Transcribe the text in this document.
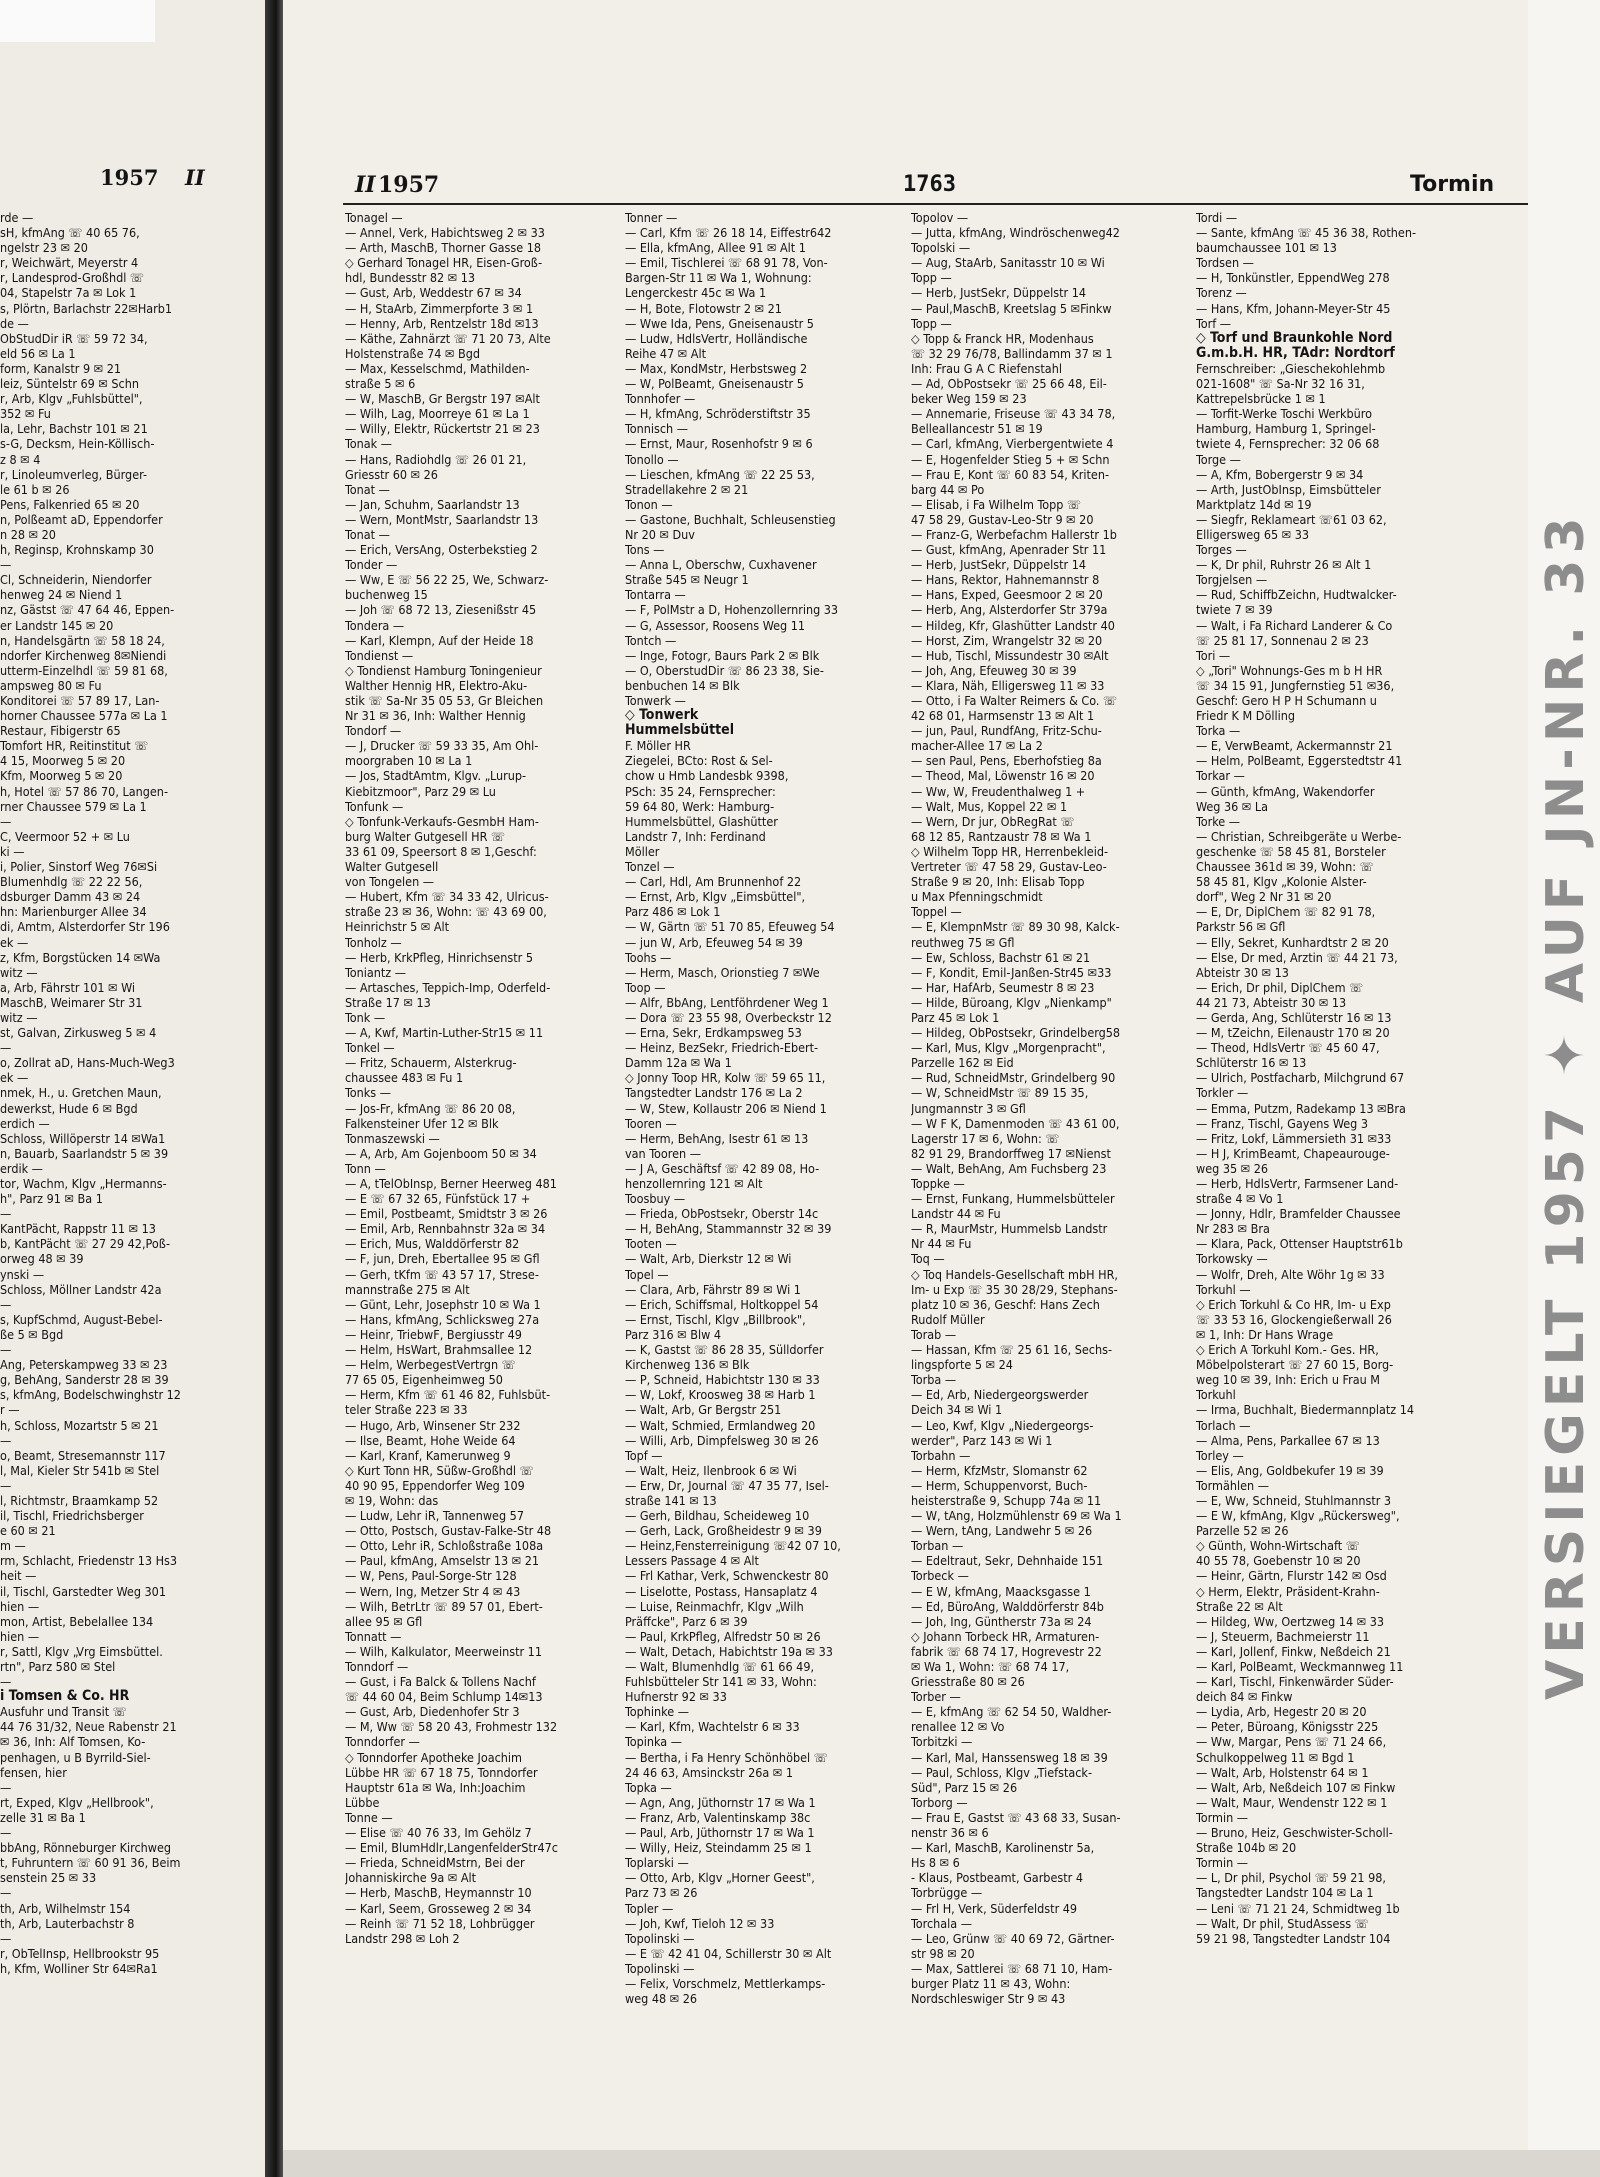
1957 II
rde —
sH, kfmAng ☏ 40 65 76,
ngelstr 23 ✉ 20
r, Weichwärt, Meyerstr 4
r, Landesprod-Großhdl ☏
04, Stapelstr 7a ✉ Lok 1
s, Plörtn, Barlachstr 22✉Harb1
de —
ObStudDir iR ☏ 59 72 34,
eld 56 ✉ La 1
form, Kanalstr 9 ✉ 21
leiz, Süntelstr 69 ✉ Schn
r, Arb, Klgv „Fuhlsbüttel",
352 ✉ Fu
la, Lehr, Bachstr 101 ✉ 21
s-G, Decksm, Hein-Köllisch-
z 8 ✉ 4
r, Linoleumverleg, Bürger-
le 61 b ✉ 26
Pens, Falkenried 65 ✉ 20
n, Polßeamt aD, Eppendorfer
n 28 ✉ 20
h, Reginsp, Krohnskamp 30
—
Cl, Schneiderin, Niendorfer
henweg 24 ✉ Niend 1
nz, Gästst ☏ 47 64 46, Eppen-
er Landstr 145 ✉ 20
n, Handelsgärtn ☏ 58 18 24,
ndorfer Kirchenweg 8✉Niendi
utterm-Einzelhdl ☏ 59 81 68,
ampsweg 80 ✉ Fu
Konditorei ☏ 57 89 17, Lan-
horner Chaussee 577a ✉ La 1
Restaur, Fibigerstr 65
Tomfort HR, Reitinstitut ☏
4 15, Moorweg 5 ✉ 20
Kfm, Moorweg 5 ✉ 20
h, Hotel ☏ 57 86 70, Langen-
rner Chaussee 579 ✉ La 1
—
C, Veermoor 52 + ✉ Lu
ki —
i, Polier, Sinstorf Weg 76✉Si
Blumenhdlg ☏ 22 22 56,
dsburger Damm 43 ✉ 24
hn: Marienburger Allee 34
di, Amtm, Alsterdorfer Str 196
ek —
z, Kfm, Borgstücken 14 ✉Wa
witz —
a, Arb, Fährstr 101 ✉ Wi
MaschB, Weimarer Str 31
witz —
st, Galvan, Zirkusweg 5 ✉ 4
—
o, Zollrat aD, Hans-Much-Weg3
ek —
nmek, H., u. Gretchen Maun,
dewerkst, Hude 6 ✉ Bgd
erdich —
Schloss, Willöperstr 14 ✉Wa1
n, Bauarb, Saarlandstr 5 ✉ 39
erdik —
tor, Wachm, Klgv „Hermanns-
h", Parz 91 ✉ Ba 1
—
KantPächt, Rappstr 11 ✉ 13
b, KantPächt ☏ 27 29 42,Poß-
orweg 48 ✉ 39
ynski —
Schloss, Möllner Landstr 42a
—
s, KupfSchmd, August-Bebel-
ße 5 ✉ Bgd
—
Ang, Peterskampweg 33 ✉ 23
g, BehAng, Sanderstr 28 ✉ 39
s, kfmAng, Bodelschwinghstr 12
r —
h, Schloss, Mozartstr 5 ✉ 21
—
o, Beamt, Stresemannstr 117
l, Mal, Kieler Str 541b ✉ Stel
—
l, Richtmstr, Braamkamp 52
il, Tischl, Friedrichsberger
e 60 ✉ 21
m —
rm, Schlacht, Friedenstr 13 Hs3
heit —
il, Tischl, Garstedter Weg 301
hien —
mon, Artist, Bebelallee 134
hien —
r, Sattl, Klgv „Vrg Eimsbüttel.
rtn", Parz 580 ✉ Stel
—
i Tomsen & Co. HR
Ausfuhr und Transit ☏
44 76 31/32, Neue Rabenstr 21
✉ 36, Inh: Alf Tomsen, Ko-
penhagen, u B Byrrild-Siel-
fensen, hier
—
rt, Exped, Klgv „Hellbrook",
zelle 31 ✉ Ba 1
—
bbAng, Rönneburger Kirchweg
t, Fuhruntern ☏ 60 91 36, Beim
senstein 25 ✉ 33
—
th, Arb, Wilhelmstr 154
th, Arb, Lauterbachstr 8
—
r, ObTelInsp, Hellbrookstr 95
h, Kfm, Wolliner Str 64✉Ra1
II 1957	1763	Tormin
Tonagel —
— Annel, Verk, Habichtsweg 2 ✉ 33
— Arth, MaschB, Thorner Gasse 18
◇ Gerhard Tonagel HR, Eisen-Groß-
hdl, Bundesstr 82 ✉ 13
— Gust, Arb, Weddestr 67 ✉ 34
— H, StaArb, Zimmerpforte 3 ✉ 1
— Henny, Arb, Rentzelstr 18d ✉13
— Käthe, Zahnärzt ☏ 71 20 73, Alte
Holstenstraße 74 ✉ Bgd
— Max, Kesselschmd, Mathilden-
straße 5 ✉ 6
— W, MaschB, Gr Bergstr 197 ✉Alt
— Wilh, Lag, Moorreye 61 ✉ La 1
— Willy, Elektr, Rückertstr 21 ✉ 23
Tonak —
— Hans, Radiohdlg ☏ 26 01 21,
Griesstr 60 ✉ 26
Tonat —
— Jan, Schuhm, Saarlandstr 13
— Wern, MontMstr, Saarlandstr 13
Tonat —
— Erich, VersAng, Osterbekstieg 2
Tonder —
— Ww, E ☏ 56 22 25, We, Schwarz-
buchenweg 15
— Joh ☏ 68 72 13, Ziesenißstr 45
Tondera —
— Karl, Klempn, Auf der Heide 18
Tondienst —
◇ Tondienst Hamburg Toningenieur
Walther Hennig HR, Elektro-Aku-
stik ☏ Sa-Nr 35 05 53, Gr Bleichen
Nr 31 ✉ 36, Inh: Walther Hennig
Tondorf —
— J, Drucker ☏ 59 33 35, Am Ohl-
moorgraben 10 ✉ La 1
— Jos, StadtAmtm, Klgv. „Lurup-
Kiebitzmoor", Parz 29 ✉ Lu
Tonfunk —
◇ Tonfunk-Verkaufs-GesmbH Ham-
burg Walter Gutgesell HR ☏
33 61 09, Speersort 8 ✉ 1,Geschf:
Walter Gutgesell
von Tongelen —
— Hubert, Kfm ☏ 34 33 42, Ulricus-
straße 23 ✉ 36, Wohn: ☏ 43 69 00,
Heinrichstr 5 ✉ Alt
Tonholz —
— Herb, KrkPfleg, Hinrichsenstr 5
Toniantz —
— Artasches, Teppich-Imp, Oderfeld-
Straße 17 ✉ 13
Tonk —
— A, Kwf, Martin-Luther-Str15 ✉ 11
Tonkel —
— Fritz, Schauerm, Alsterkrug-
chaussee 483 ✉ Fu 1
Tonks —
— Jos-Fr, kfmAng ☏ 86 20 08,
Falkensteiner Ufer 12 ✉ Blk
Tonmaszewski —
— A, Arb, Am Gojenboom 50 ✉ 34
Tonn —
— A, tTelObInsp, Berner Heerweg 481
— E ☏ 67 32 65, Fünfstück 17 +
— Emil, Postbeamt, Smidtstr 3 ✉ 26
— Emil, Arb, Rennbahnstr 32a ✉ 34
— Erich, Mus, Walddörferstr 82
— F, jun, Dreh, Ebertallee 95 ✉ Gfl
— Gerh, tKfm ☏ 43 57 17, Strese-
mannstraße 275 ✉ Alt
— Günt, Lehr, Josephstr 10 ✉ Wa 1
— Hans, kfmAng, Schlicksweg 27a
— Heinr, TriebwF, Bergiusstr 49
— Helm, HsWart, Brahmsallee 12
— Helm, WerbegestVertrgn ☏
77 65 05, Eigenheimweg 50
— Herm, Kfm ☏ 61 46 82, Fuhlsbüt-
teler Straße 223 ✉ 33
— Hugo, Arb, Winsener Str 232
— Ilse, Beamt, Hohe Weide 64
— Karl, Kranf, Kamerunweg 9
◇ Kurt Tonn HR, Süßw-Großhdl ☏
40 90 95, Eppendorfer Weg 109
✉ 19, Wohn: das
— Ludw, Lehr iR, Tannenweg 57
— Otto, Postsch, Gustav-Falke-Str 48
— Otto, Lehr iR, Schloßstraße 108a
— Paul, kfmAng, Amselstr 13 ✉ 21
— W, Pens, Paul-Sorge-Str 128
— Wern, Ing, Metzer Str 4 ✉ 43
— Wilh, BetrLtr ☏ 89 57 01, Ebert-
allee 95 ✉ Gfl
Tonnatt —
— Wilh, Kalkulator, Meerweinstr 11
Tonndorf —
— Gust, i Fa Balck & Tollens Nachf
☏ 44 60 04, Beim Schlump 14✉13
— Gust, Arb, Diedenhofer Str 3
— M, Ww ☏ 58 20 43, Frohmestr 132
Tonndorfer —
◇ Tonndorfer Apotheke Joachim
Lübbe HR ☏ 67 18 75, Tonndorfer
Hauptstr 61a ✉ Wa, Inh:Joachim
Lübbe
Tonne —
— Elise ☏ 40 76 33, Im Gehölz 7
— Emil, BlumHdlr,LangenfelderStr47c
— Frieda, SchneidMstrn, Bei der
Johanniskirche 9a ✉ Alt
— Herb, MaschB, Heymannstr 10
— Karl, Seem, Grosseweg 2 ✉ 34
— Reinh ☏ 71 52 18, Lohbrügger
Landstr 298 ✉ Loh 2
Tonner —
— Carl, Kfm ☏ 26 18 14, Eiffestr642
— Ella, kfmAng, Allee 91 ✉ Alt 1
— Emil, Tischlerei ☏ 68 91 78, Von-
Bargen-Str 11 ✉ Wa 1, Wohnung:
Lengerckestr 45c ✉ Wa 1
— H, Bote, Flotowstr 2 ✉ 21
— Wwe Ida, Pens, Gneisenaustr 5
— Ludw, HdlsVertr, Holländische
Reihe 47 ✉ Alt
— Max, KondMstr, Herbstsweg 2
— W, PolBeamt, Gneisenaustr 5
Tonnhofer —
— H, kfmAng, Schröderstiftstr 35
Tonnisch —
— Ernst, Maur, Rosenhofstr 9 ✉ 6
Tonollo —
— Lieschen, kfmAng ☏ 22 25 53,
Stradellakehre 2 ✉ 21
Tonon —
— Gastone, Buchhalt, Schleusenstieg
Nr 20 ✉ Duv
Tons —
— Anna L, Oberschw, Cuxhavener
Straße 545 ✉ Neugr 1
Tontarra —
— F, PolMstr a D, Hohenzollernring 33
— G, Assessor, Roosens Weg 11
Tontch —
— Inge, Fotogr, Baurs Park 2 ✉ Blk
— O, OberstudDir ☏ 86 23 38, Sie-
benbuchen 14 ✉ Blk
Tonwerk —
◇ Tonwerk
Hummelsbüttel
F. Möller HR
Ziegelei, BCto: Rost & Sel-
chow u Hmb Landesbk 9398,
PSch: 35 24, Fernsprecher:
59 64 80, Werk: Hamburg-
Hummelsbüttel, Glashütter
Landstr 7, Inh: Ferdinand
Möller
Tonzel —
— Carl, Hdl, Am Brunnenhof 22
— Ernst, Arb, Klgv „Eimsbüttel",
Parz 486 ✉ Lok 1
— W, Gärtn ☏ 51 70 85, Efeuweg 54
— jun W, Arb, Efeuweg 54 ✉ 39
Toohs —
— Herm, Masch, Orionstieg 7 ✉We
Toop —
— Alfr, BbAng, Lentföhrdener Weg 1
— Dora ☏ 23 55 98, Overbeckstr 12
— Erna, Sekr, Erdkampsweg 53
— Heinz, BezSekr, Friedrich-Ebert-
Damm 12a ✉ Wa 1
◇ Jonny Toop HR, Kolw ☏ 59 65 11,
Tangstedter Landstr 176 ✉ La 2
— W, Stew, Kollaustr 206 ✉ Niend 1
Tooren —
— Herm, BehAng, Isestr 61 ✉ 13
van Tooren —
— J A, Geschäftsf ☏ 42 89 08, Ho-
henzollernring 121 ✉ Alt
Toosbuy —
— Frieda, ObPostsekr, Oberstr 14c
— H, BehAng, Stammannstr 32 ✉ 39
Tooten —
— Walt, Arb, Dierkstr 12 ✉ Wi
Topel —
— Clara, Arb, Fährstr 89 ✉ Wi 1
— Erich, Schiffsmal, Holtkoppel 54
— Ernst, Tischl, Klgv „Billbrook",
Parz 316 ✉ Blw 4
— K, Gastst ☏ 86 28 35, Sülldorfer
Kirchenweg 136 ✉ Blk
— P, Schneid, Habichtstr 130 ✉ 33
— W, Lokf, Kroosweg 38 ✉ Harb 1
— Walt, Arb, Gr Bergstr 251
— Walt, Schmied, Ermlandweg 20
— Willi, Arb, Dimpfelsweg 30 ✉ 26
Topf —
— Walt, Heiz, Ilenbrook 6 ✉ Wi
— Erw, Dr, Journal ☏ 47 35 77, Isel-
straße 141 ✉ 13
— Gerh, Bildhau, Scheideweg 10
— Gerh, Lack, Großheidestr 9 ✉ 39
— Heinz,Fensterreinigung ☏42 07 10,
Lessers Passage 4 ✉ Alt
— Frl Kathar, Verk, Schwenckestr 80
— Liselotte, Postass, Hansaplatz 4
— Luise, Reinmachfr, Klgv „Wilh
Präffcke", Parz 6 ✉ 39
— Paul, KrkPfleg, Alfredstr 50 ✉ 26
— Walt, Detach, Habichtstr 19a ✉ 33
— Walt, Blumenhdlg ☏ 61 66 49,
Fuhlsbütteler Str 141 ✉ 33, Wohn:
Hufnerstr 92 ✉ 33
Tophinke —
— Karl, Kfm, Wachtelstr 6 ✉ 33
Topinka —
— Bertha, i Fa Henry Schönhöbel ☏
24 46 63, Amsinckstr 26a ✉ 1
Topka —
— Agn, Ang, Jüthornstr 17 ✉ Wa 1
— Franz, Arb, Valentinskamp 38c
— Paul, Arb, Jüthornstr 17 ✉ Wa 1
— Willy, Heiz, Steindamm 25 ✉ 1
Toplarski —
— Otto, Arb, Klgv „Horner Geest",
Parz 73 ✉ 26
Topler —
— Joh, Kwf, Tieloh 12 ✉ 33
Topolinski —
— E ☏ 42 41 04, Schillerstr 30 ✉ Alt
Topolinski —
— Felix, Vorschmelz, Mettlerkamps-
weg 48 ✉ 26
Topolov —
— Jutta, kfmAng, Windröschenweg42
Topolski —
— Aug, StaArb, Sanitasstr 10 ✉ Wi
Topp —
— Herb, JustSekr, Düppelstr 14
— Paul,MaschB, Kreetslag 5 ✉Finkw
Topp —
◇ Topp & Franck HR, Modenhaus
☏ 32 29 76/78, Ballindamm 37 ✉ 1
Inh: Frau G A C Riefenstahl
— Ad, ObPostsekr ☏ 25 66 48, Eil-
beker Weg 159 ✉ 23
— Annemarie, Friseuse ☏ 43 34 78,
Belleallancestr 51 ✉ 19
— Carl, kfmAng, Vierbergentwiete 4
— E, Hogenfelder Stieg 5 + ✉ Schn
— Frau E, Kont ☏ 60 83 54, Kriten-
barg 44 ✉ Po
— Elisab, i Fa Wilhelm Topp ☏
47 58 29, Gustav-Leo-Str 9 ✉ 20
— Franz-G, Werbefachm Hallerstr 1b
— Gust, kfmAng, Apenrader Str 11
— Herb, JustSekr, Düppelstr 14
— Hans, Rektor, Hahnemannstr 8
— Hans, Exped, Geesmoor 2 ✉ 20
— Herb, Ang, Alsterdorfer Str 379a
— Hildeg, Kfr, Glashütter Landstr 40
— Horst, Zim, Wrangelstr 32 ✉ 20
— Hub, Tischl, Missundestr 30 ✉Alt
— Joh, Ang, Efeuweg 30 ✉ 39
— Klara, Näh, Elligersweg 11 ✉ 33
— Otto, i Fa Walter Reimers & Co. ☏
42 68 01, Harmsenstr 13 ✉ Alt 1
— jun, Paul, RundfAng, Fritz-Schu-
macher-Allee 17 ✉ La 2
— sen Paul, Pens, Eberhofstieg 8a
— Theod, Mal, Löwenstr 16 ✉ 20
— Ww, W, Freudenthalweg 1 +
— Walt, Mus, Koppel 22 ✉ 1
— Wern, Dr jur, ObRegRat ☏
68 12 85, Rantzaustr 78 ✉ Wa 1
◇ Wilhelm Topp HR, Herrenbekleid-
Vertreter ☏ 47 58 29, Gustav-Leo-
Straße 9 ✉ 20, Inh: Elisab Topp
u Max Pfenningschmidt
Toppel —
— E, KlempnMstr ☏ 89 30 98, Kalck-
reuthweg 75 ✉ Gfl
— Ew, Schloss, Bachstr 61 ✉ 21
— F, Kondit, Emil-Janßen-Str45 ✉33
— Har, HafArb, Seumestr 8 ✉ 23
— Hilde, Büroang, Klgv „Nienkamp"
Parz 45 ✉ Lok 1
— Hildeg, ObPostsekr, Grindelberg58
— Karl, Mus, Klgv „Morgenpracht",
Parzelle 162 ✉ Eid
— Rud, SchneidMstr, Grindelberg 90
— W, SchneidMstr ☏ 89 15 35,
Jungmannstr 3 ✉ Gfl
— W F K, Damenmoden ☏ 43 61 00,
Lagerstr 17 ✉ 6, Wohn: ☏
82 91 29, Brandorffweg 17 ✉Nienst
— Walt, BehAng, Am Fuchsberg 23
Toppke —
— Ernst, Funkang, Hummelsbütteler
Landstr 44 ✉ Fu
— R, MaurMstr, Hummelsb Landstr
Nr 44 ✉ Fu
Toq —
◇ Toq Handels-Gesellschaft mbH HR,
Im- u Exp ☏ 35 30 28/29, Stephans-
platz 10 ✉ 36, Geschf: Hans Zech
Rudolf Müller
Torab —
— Hassan, Kfm ☏ 25 61 16, Sechs-
lingspforte 5 ✉ 24
Torba —
— Ed, Arb, Niedergeorgswerder
Deich 34 ✉ Wi 1
— Leo, Kwf, Klgv „Niedergeorgs-
werder", Parz 143 ✉ Wi 1
Torbahn —
— Herm, KfzMstr, Slomanstr 62
— Herm, Schuppenvorst, Buch-
heisterstraße 9, Schupp 74a ✉ 11
— W, tAng, Holzmühlenstr 69 ✉ Wa 1
— Wern, tAng, Landwehr 5 ✉ 26
Torban —
— Edeltraut, Sekr, Dehnhaide 151
Torbeck —
— E W, kfmAng, Maacksgasse 1
— Ed, BüroAng, Walddörferstr 84b
— Joh, Ing, Güntherstr 73a ✉ 24
◇ Johann Torbeck HR, Armaturen-
fabrik ☏ 68 74 17, Hogrevestr 22
✉ Wa 1, Wohn: ☏ 68 74 17,
Griesstraße 80 ✉ 26
Torber —
— E, kfmAng ☏ 62 54 50, Waldher-
renallee 12 ✉ Vo
Torbitzki —
— Karl, Mal, Hanssensweg 18 ✉ 39
— Paul, Schloss, Klgv „Tiefstack-
Süd", Parz 15 ✉ 26
Torborg —
— Frau E, Gastst ☏ 43 68 33, Susan-
nenstr 36 ✉ 6
— Karl, MaschB, Karolinenstr 5a,
Hs 8 ✉ 6
- Klaus, Postbeamt, Garbestr 4
Torbrügge —
— Frl H, Verk, Süderfeldstr 49
Torchala —
— Leo, Grünw ☏ 40 69 72, Gärtner-
str 98 ✉ 20
— Max, Sattlerei ☏ 68 71 10, Ham-
burger Platz 11 ✉ 43, Wohn:
Nordschleswiger Str 9 ✉ 43
Tordi —
— Sante, kfmAng ☏ 45 36 38, Rothen-
baumchaussee 101 ✉ 13
Tordsen —
— H, Tonkünstler, EppendWeg 278
Torenz —
— Hans, Kfm, Johann-Meyer-Str 45
Torf —
◇ Torf und Braunkohle Nord
G.m.b.H. HR, TAdr: Nordtorf
Fernschreiber: „Gieschekohlehmb
021-1608" ☏ Sa-Nr 32 16 31,
Kattrepelsbrücke 1 ✉ 1
— Torfit-Werke Toschi Werkbüro
Hamburg, Hamburg 1, Springel-
twiete 4, Fernsprecher: 32 06 68
Torge —
— A, Kfm, Bobergerstr 9 ✉ 34
— Arth, JustObInsp, Eimsbütteler
Marktplatz 14d ✉ 19
— Siegfr, Reklameart ☏61 03 62,
Elligersweg 65 ✉ 33
Torges —
— K, Dr phil, Ruhrstr 26 ✉ Alt 1
Torgjelsen —
— Rud, SchiffbZeichn, Hudtwalcker-
twiete 7 ✉ 39
— Walt, i Fa Richard Landerer & Co
☏ 25 81 17, Sonnenau 2 ✉ 23
Tori —
◇ „Tori" Wohnungs-Ges m b H HR
☏ 34 15 91, Jungfernstieg 51 ✉36,
Geschf: Gero H P H Schumann u
Friedr K M Dölling
Torka —
— E, VerwBeamt, Ackermannstr 21
— Helm, PolBeamt, Eggerstedtstr 41
Torkar —
— Günth, kfmAng, Wakendorfer
Weg 36 ✉ La
Torke —
— Christian, Schreibgeräte u Werbe-
geschenke ☏ 58 45 81, Borsteler
Chaussee 361d ✉ 39, Wohn: ☏
58 45 81, Klgv „Kolonie Alster-
dorf", Weg 2 Nr 31 ✉ 20
— E, Dr, DiplChem ☏ 82 91 78,
Parkstr 56 ✉ Gfl
— Elly, Sekret, Kunhardtstr 2 ✉ 20
— Else, Dr med, Arztin ☏ 44 21 73,
Abteistr 30 ✉ 13
— Erich, Dr phil, DiplChem ☏
44 21 73, Abteistr 30 ✉ 13
— Gerda, Ang, Schlüterstr 16 ✉ 13
— M, tZeichn, Eilenaustr 170 ✉ 20
— Theod, HdlsVertr ☏ 45 60 47,
Schlüterstr 16 ✉ 13
— Ulrich, Postfacharb, Milchgrund 67
Torkler —
— Emma, Putzm, Radekamp 13 ✉Bra
— Franz, Tischl, Gayens Weg 3
— Fritz, Lokf, Lämmersieth 31 ✉33
— H J, KrimBeamt, Chapeaurouge-
weg 35 ✉ 26
— Herb, HdlsVertr, Farmsener Land-
straße 4 ✉ Vo 1
— Jonny, Hdlr, Bramfelder Chaussee
Nr 283 ✉ Bra
— Klara, Pack, Ottenser Hauptstr61b
Torkowsky —
— Wolfr, Dreh, Alte Wöhr 1g ✉ 33
Torkuhl —
◇ Erich Torkuhl & Co HR, Im- u Exp
☏ 33 53 16, Glockengießerwall 26
✉ 1, Inh: Dr Hans Wrage
◇ Erich A Torkuhl Kom.- Ges. HR,
Möbelpolsterart ☏ 27 60 15, Borg-
weg 10 ✉ 39, Inh: Erich u Frau M
Torkuhl
— Irma, Buchhalt, Biedermannplatz 14
Torlach —
— Alma, Pens, Parkallee 67 ✉ 13
Torley —
— Elis, Ang, Goldbekufer 19 ✉ 39
Tormählen —
— E, Ww, Schneid, Stuhlmannstr 3
— E W, kfmAng, Klgv „Rückersweg",
Parzelle 52 ✉ 26
◇ Günth, Wohn-Wirtschaft ☏
40 55 78, Goebenstr 10 ✉ 20
— Heinr, Gärtn, Flurstr 142 ✉ Osd
◇ Herm, Elektr, Präsident-Krahn-
Straße 22 ✉ Alt
— Hildeg, Ww, Oertzweg 14 ✉ 33
— J, Steuerm, Bachmeierstr 11
— Karl, Jollenf, Finkw, Neßdeich 21
— Karl, PolBeamt, Weckmannweg 11
— Karl, Tischl, Finkenwärder Süder-
deich 84 ✉ Finkw
— Lydia, Arb, Hegestr 20 ✉ 20
— Peter, Büroang, Königsstr 225
— Ww, Margar, Pens ☏ 71 24 66,
Schulkoppelweg 11 ✉ Bgd 1
— Walt, Arb, Holstenstr 64 ✉ 1
— Walt, Arb, Neßdeich 107 ✉ Finkw
— Walt, Maur, Wendenstr 122 ✉ 1
Tormin —
— Bruno, Heiz, Geschwister-Scholl-
Straße 104b ✉ 20
Tormin —
— L, Dr phil, Psychol ☏ 59 21 98,
Tangstedter Landstr 104 ✉ La 1
— Leni ☏ 71 21 24, Schmidtweg 1b
— Walt, Dr phil, StudAssess ☏
59 21 98, Tangstedter Landstr 104
VERSIEGELT 1957 ✦ AUF JN-NR. 33
